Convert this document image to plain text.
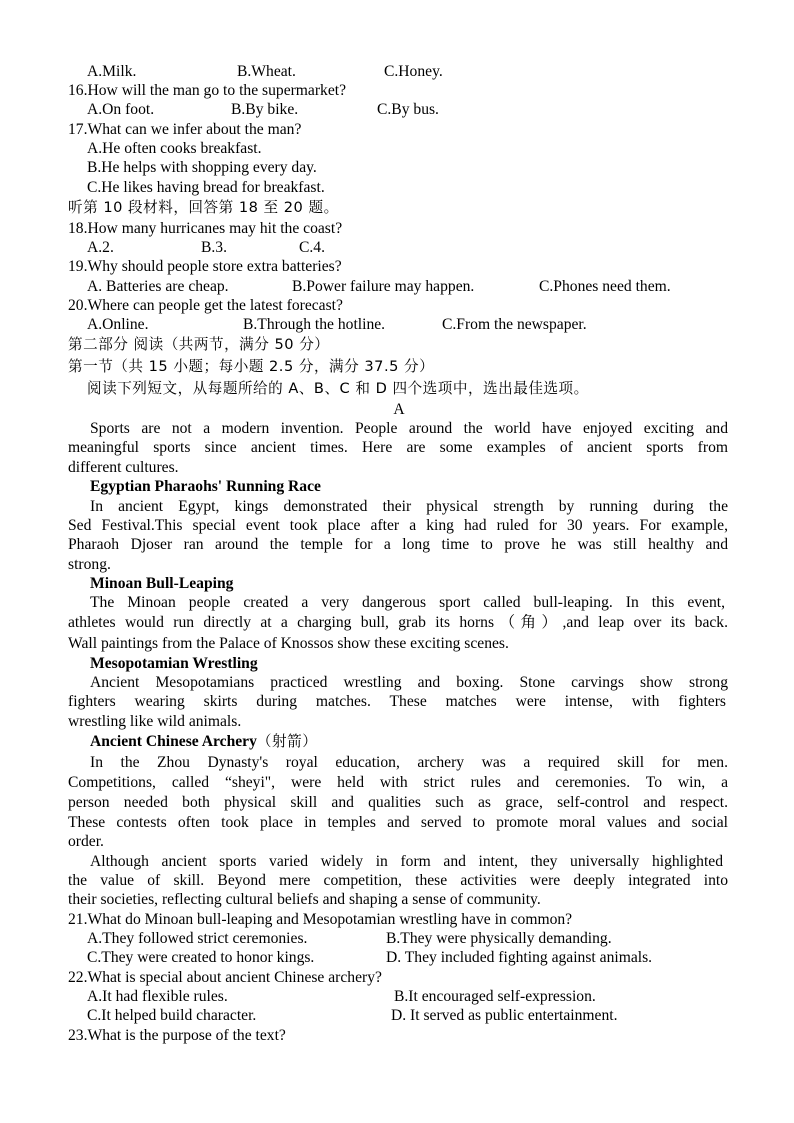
A.Milk.	B.Wheat.	C.Honey.
16.How will the man go to the supermarket?
A.On foot.	B.By bike.	C.By bus.
17.What can we infer about the man?
A.He often cooks breakfast.
B.He helps with shopping every day.
C.He likes having bread for breakfast.
听第 10 段材料，回答第 18 至 20 题。
18.How many hurricanes may hit the coast?
A.2.	B.3.	C.4.
19.Why should people store extra batteries?
A. Batteries are cheap.	B.Power failure may happen.	C.Phones need them.
20.Where can people get the latest forecast?
A.Online.	B.Through the hotline.	C.From the newspaper.
第二部分 阅读（共两节，满分 50 分）
第一节（共 15 小题；每小题 2.5 分，满分 37.5 分）
阅读下列短文，从每题所给的 A、B、C 和 D 四个选项中，选出最佳选项。
A
Sports are not a modern invention. People around the world have enjoyed exciting and
meaningful sports since ancient times. Here are some examples of ancient sports from
different cultures.
Egyptian Pharaohs' Running Race
In ancient Egypt, kings demonstrated their physical strength by running during the
Sed Festival.This special event took place after a king had ruled for 30 years. For example,
Pharaoh Djoser ran around the temple for a long time to prove he was still healthy and
strong.
Minoan Bull-Leaping
The Minoan people created a very dangerous sport called bull-leaping. In this event,
athletes would run directly at a charging bull, grab its horns（角）,and leap over its back.
Wall paintings from the Palace of Knossos show these exciting scenes.
Mesopotamian Wrestling
Ancient Mesopotamians practiced wrestling and boxing. Stone carvings show strong
fighters wearing skirts during matches. These matches were intense, with fighters
wrestling like wild animals.
Ancient Chinese Archery（射箭）
In the Zhou Dynasty's royal education, archery was a required skill for men.
Competitions, called “sheyi", were held with strict rules and ceremonies. To win, a
person needed both physical skill and qualities such as grace, self-control and respect.
These contests often took place in temples and served to promote moral values and social
order.
Although ancient sports varied widely in form and intent, they universally highlighted
the value of skill. Beyond mere competition, these activities were deeply integrated into
their societies, reflecting cultural beliefs and shaping a sense of community.
21.What do Minoan bull-leaping and Mesopotamian wrestling have in common?
A.They followed strict ceremonies.	B.They were physically demanding.
C.They were created to honor kings.	D. They included fighting against animals.
22.What is special about ancient Chinese archery?
A.It had flexible rules.	B.It encouraged self-expression.
C.It helped build character.	D. It served as public entertainment.
23.What is the purpose of the text?
